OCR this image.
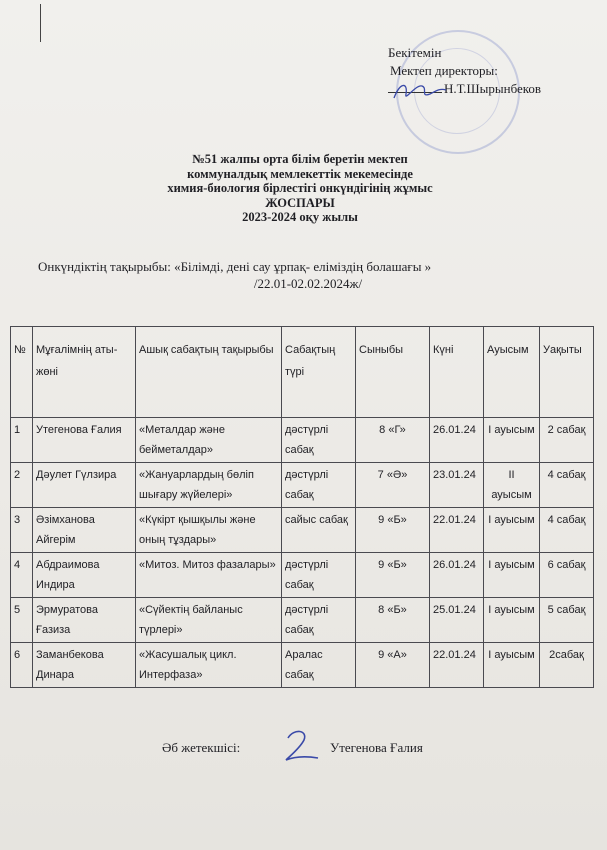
Бекітемін
Мектеп директоры:
Н.Т.Шырынбеков
№51 жалпы орта білім беретін мектеп
коммуналдық мемлекеттік мекемесінде
химия-биология бірлестігі онкүндігінің жұмыс
ЖОСПАРЫ
2023-2024 оқу жылы
Онкүндіктің тақырыбы: «Білімді, дені сау ұрпақ- еліміздің болашағы »
/22.01-02.02.2024ж/
№	Мұғалімнің аты-жөні	Ашық сабақтың тақырыбы	Сабақтың түрі	Сыныбы	Күні	Ауысым	Уақыты
1	Утегенова Ғалия	«Металдар және бейметалдар»	дәстүрлі сабақ	8 «Г»	26.01.24	I ауысым	2 сабақ
2	Дәулет Гүлзира	«Жануарлардың бөліп шығару жүйелері»	дәстүрлі сабақ	7 «Ә»	23.01.24	II ауысым	4 сабақ
3	Әзімханова Айгерім	«Күкірт қышқылы және оның тұздары»	сайыс сабақ	9 «Б»	22.01.24	I ауысым	4 сабақ
4	Абдраимова Индира	«Митоз. Митоз фазалары»	дәстүрлі сабақ	9 «Б»	26.01.24	I ауысым	6 сабақ
5	Эрмуратова Ғазиза	«Сүйектің байланыс түрлері»	дәстүрлі сабақ	8 «Б»	25.01.24	I ауысым	5 сабақ
6	Заманбекова Динара	«Жасушалық цикл. Интерфаза»	Аралас сабақ	9 «А»	22.01.24	I ауысым	2сабақ
Әб жетекшісі:	Утегенова Ғалия
